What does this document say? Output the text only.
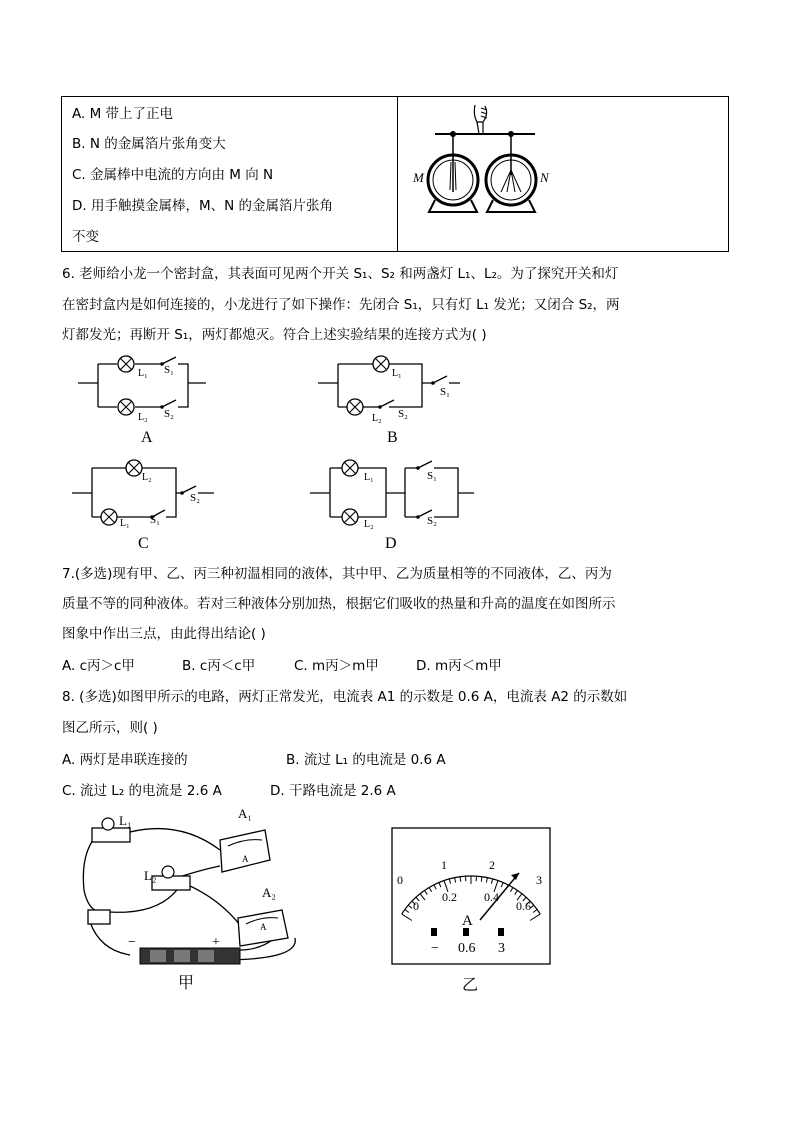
A. M 带上了正电
B. N 的金属箔片张角变大
C. 金属棒中电流的方向由 M 向 N
D. 用手触摸金属棒，M、N 的金属箔片张角
不变
M	N
6. 老师给小龙一个密封盒，其表面可见两个开关 S₁、S₂ 和两盏灯 L₁、L₂。为了探究开关和灯
在密封盒内是如何连接的，小龙进行了如下操作：先闭合 S₁，只有灯 L₁ 发光；又闭合 S₂，两
灯都发光；再断开 S₁，两灯都熄灭。符合上述实验结果的连接方式为( )
L₁ S₁
L₂ S₂
A
L₁
L₂ S₂
S₁
B
L₂
L₁ S₁
S₂
C
L₁
L₂
S₁
S₂
D
7.(多选)现有甲、乙、丙三种初温相同的液体，其中甲、乙为质量相等的不同液体，乙、丙为
质量不等的同种液体。若对三种液体分别加热，根据它们吸收的热量和升高的温度在如图所示
图象中作出三点，由此得出结论( )
A. c丙＞c甲	B. c丙＜c甲	C. m丙＞m甲	D. m丙＜m甲
8. (多选)如图甲所示的电路，两灯正常发光，电流表 A1 的示数是 0.6 A，电流表 A2 的示数如
图乙所示，则( )
A. 两灯是串联连接的	B. 流过 L₁ 的电流是 0.6 A
C. 流过 L₂ 的电流是 2.6 A	D. 干路电流是 2.6 A
−	+
A
A
L₁
L₂
A₁
A₂
甲
0
1	2
3
0
0.2 0.4
0.6
A
− 0.6 3
乙
